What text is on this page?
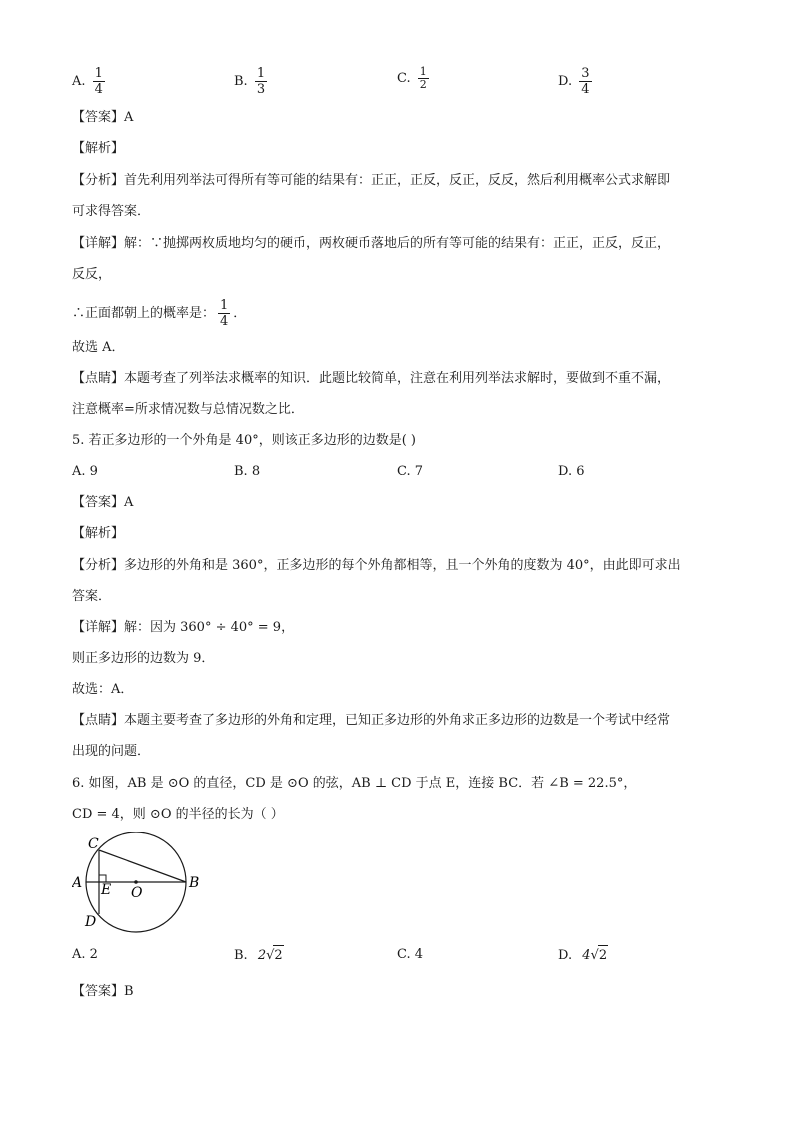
A. $\frac{1}{4}$	B. $\frac{1}{3}$	C. $\frac{1}{2}$	D. $\frac{3}{4}$
【答案】A
【解析】
【分析】首先利用列举法可得所有等可能的结果有：正正，正反，反正，反反，然后利用概率公式求解即
可求得答案．
【详解】解：∵抛掷两枚质地均匀的硬币，两枚硬币落地后的所有等可能的结果有：正正，正反，反正，
反反，
∴正面都朝上的概率是： $\frac{1}{4}$ ．
故选 A．
【点睛】本题考查了列举法求概率的知识．此题比较简单，注意在利用列举法求解时，要做到不重不漏，
注意概率=所求情况数与总情况数之比．
5. 若正多边形的一个外角是 40°，则该正多边形的边数是( )
A. 9	B. 8	C. 7	D. 6
【答案】A
【解析】
【分析】多边形的外角和是 360°，正多边形的每个外角都相等，且一个外角的度数为 40°，由此即可求出
答案．
【详解】解：因为 360° ÷ 40° = 9，
则正多边形的边数为 9．
故选：A．
【点睛】本题主要考查了多边形的外角和定理，已知正多边形的外角求正多边形的边数是一个考试中经常
出现的问题．
6. 如图，AB 是 ⊙O 的直径，CD 是 ⊙O 的弦，AB ⊥ CD 于点 E，连接 BC．若 ∠B = 22.5°，
CD = 4，则 ⊙O 的半径的长为（ ）
C
A E O
B
D
A. 2	B. 2√2	C. 4	D. 4√2
【答案】B
